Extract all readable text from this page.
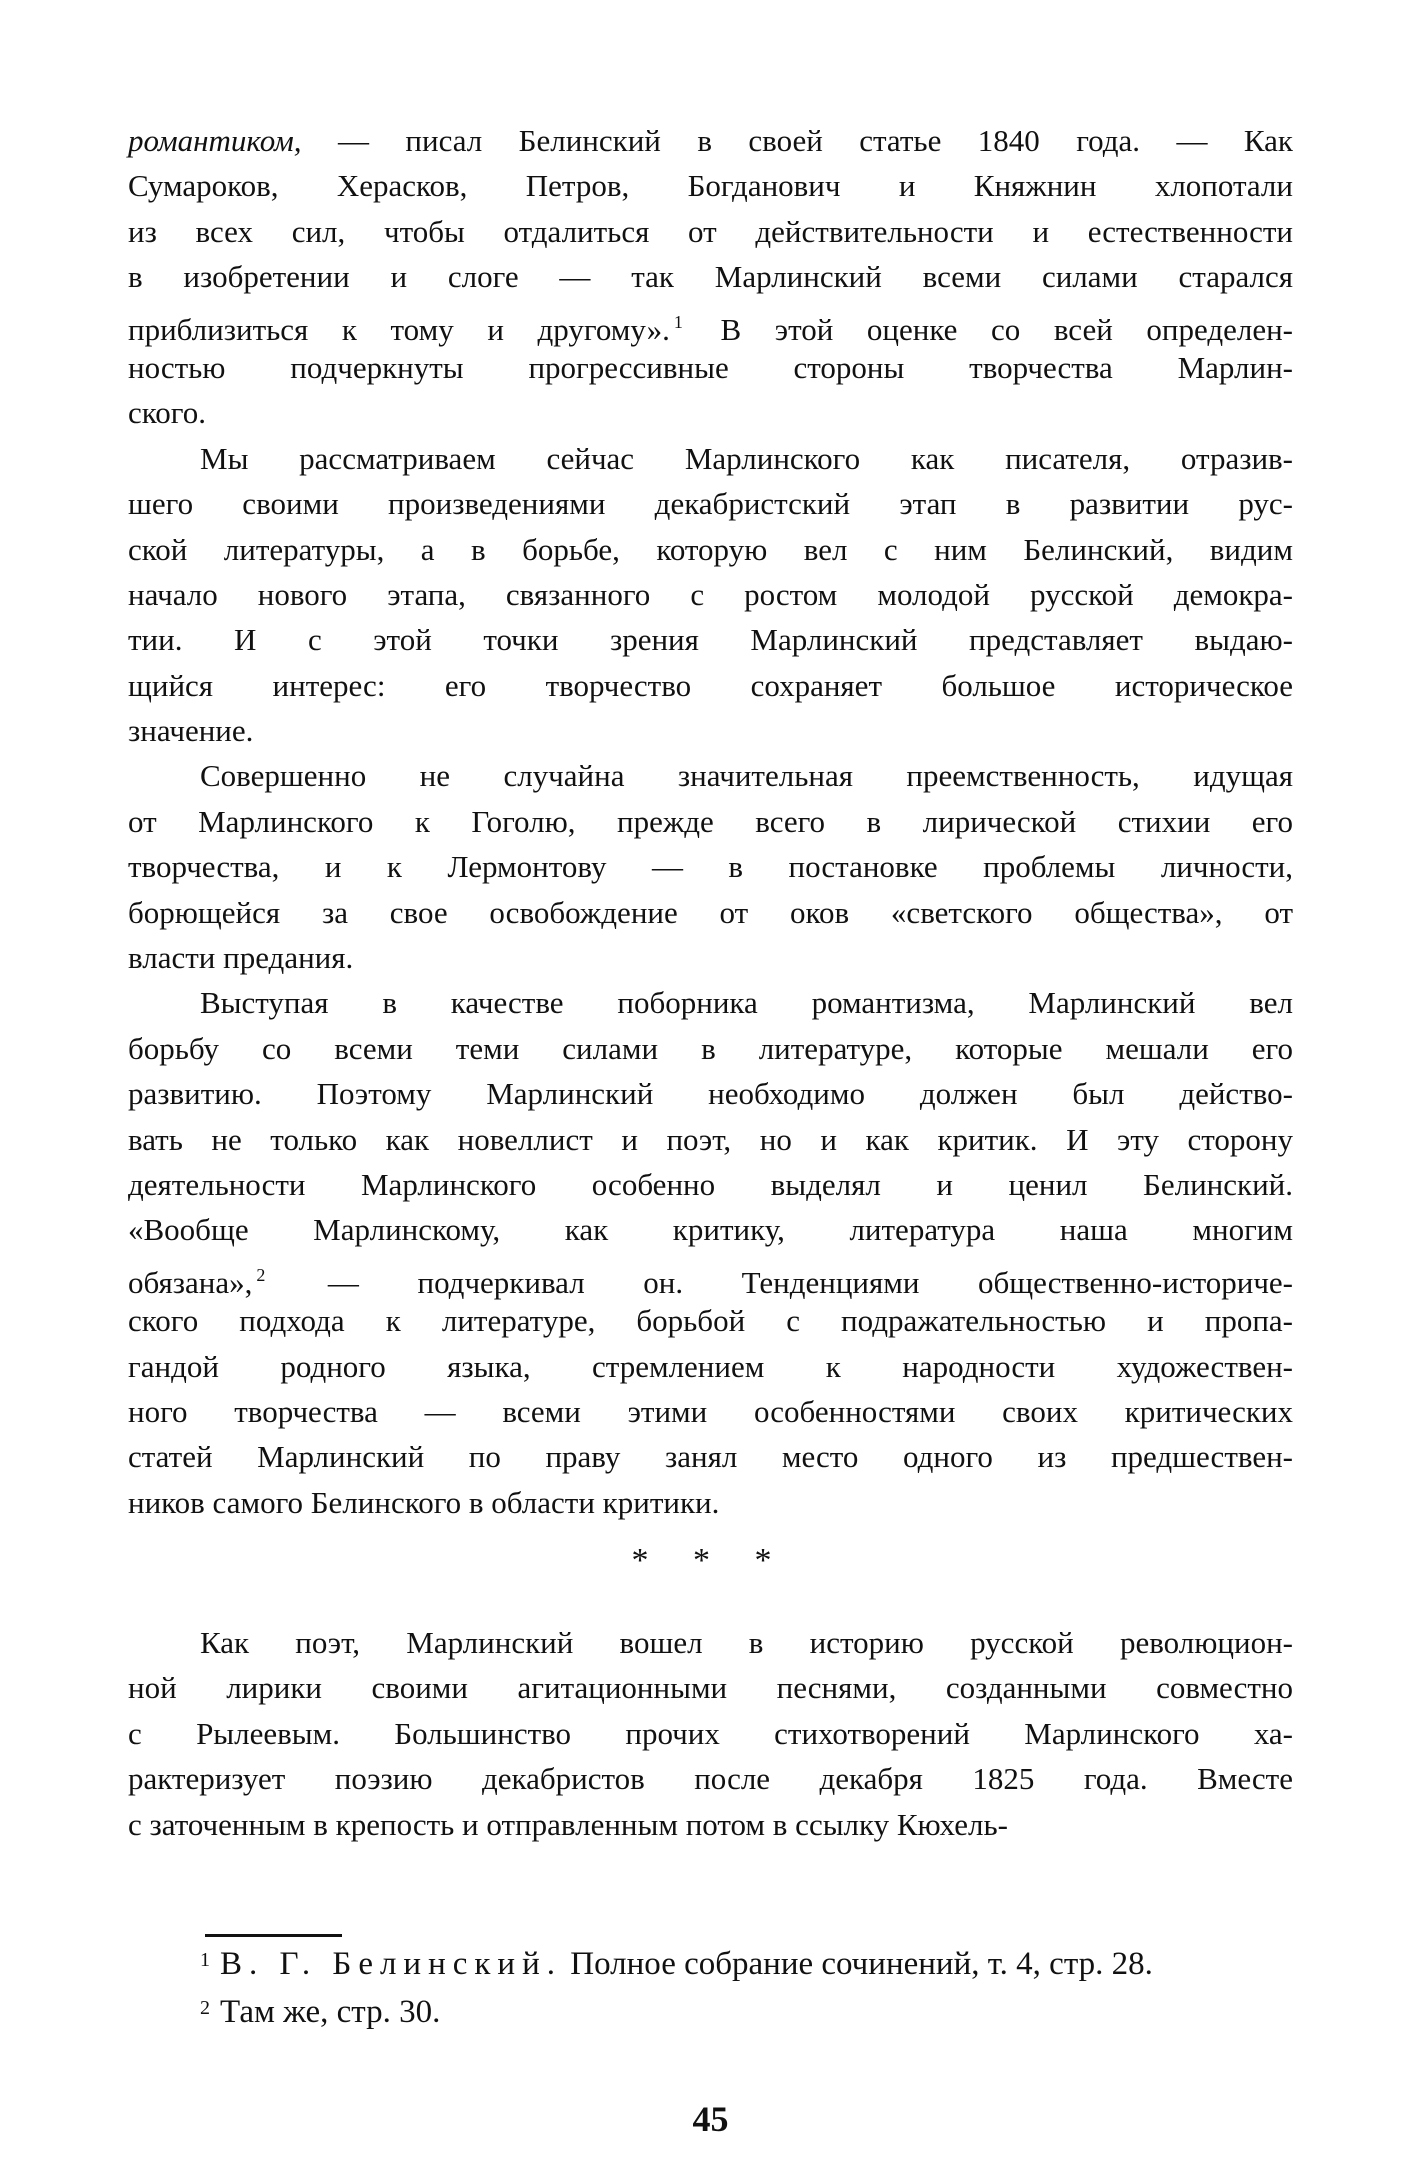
романтиком, — писал Белинский в своей статье 1840 года. — Как
Сумароков, Херасков, Петров, Богданович и Княжнин хлопотали
из всех сил, чтобы отдалиться от действительности и естественности
в изобретении и слоге — так Марлинский всеми силами старался
приблизиться к тому и другому». $^1$ В этой оценке со всей определен-
ностью подчеркнуты прогрессивные стороны творчества Марлин-
ского.
Мы рассматриваем сейчас Марлинского как писателя, отразив-
шего своими произведениями декабристский этап в развитии рус-
ской литературы, а в борьбе, которую вел с ним Белинский, видим
начало нового этапа, связанного с ростом молодой русской демокра-
тии. И с этой точки зрения Марлинский представляет выдаю-
щийся интерес: его творчество сохраняет большое историческое
значение.
Совершенно не случайна значительная преемственность, идущая
от Марлинского к Гоголю, прежде всего в лирической стихии его
творчества, и к Лермонтову — в постановке проблемы личности,
борющейся за свое освобождение от оков «светского общества», от
власти предания.
Выступая в качестве поборника романтизма, Марлинский вел
борьбу со всеми теми силами в литературе, которые мешали его
развитию. Поэтому Марлинский необходимо должен был действо-
вать не только как новеллист и поэт, но и как критик. И эту сторону
деятельности Марлинского особенно выделял и ценил Белинский.
«Вообще Марлинскому, как критику, литература наша многим
обязана», $^2$ — подчеркивал он. Тенденциями общественно-историче-
ского подхода к литературе, борьбой с подражательностью и пропа-
гандой родного языка, стремлением к народности художествен-
ного творчества — всеми этими особенностями своих критических
статей Марлинский по праву занял место одного из предшествен-
ников самого Белинского в области критики.
* * *
Как поэт, Марлинский вошел в историю русской революцион-
ной лирики своими агитационными песнями, созданными совместно
с Рылеевым. Большинство прочих стихотворений Марлинского ха-
рактеризует поэзию декабристов после декабря 1825 года. Вместе
с заточенным в крепость и отправленным потом в ссылку Кюхель-
$^1$ В. Г. Белинский. Полное собрание сочинений, т. 4, стр. 28.
$^2$ Там же, стр. 30.
45
